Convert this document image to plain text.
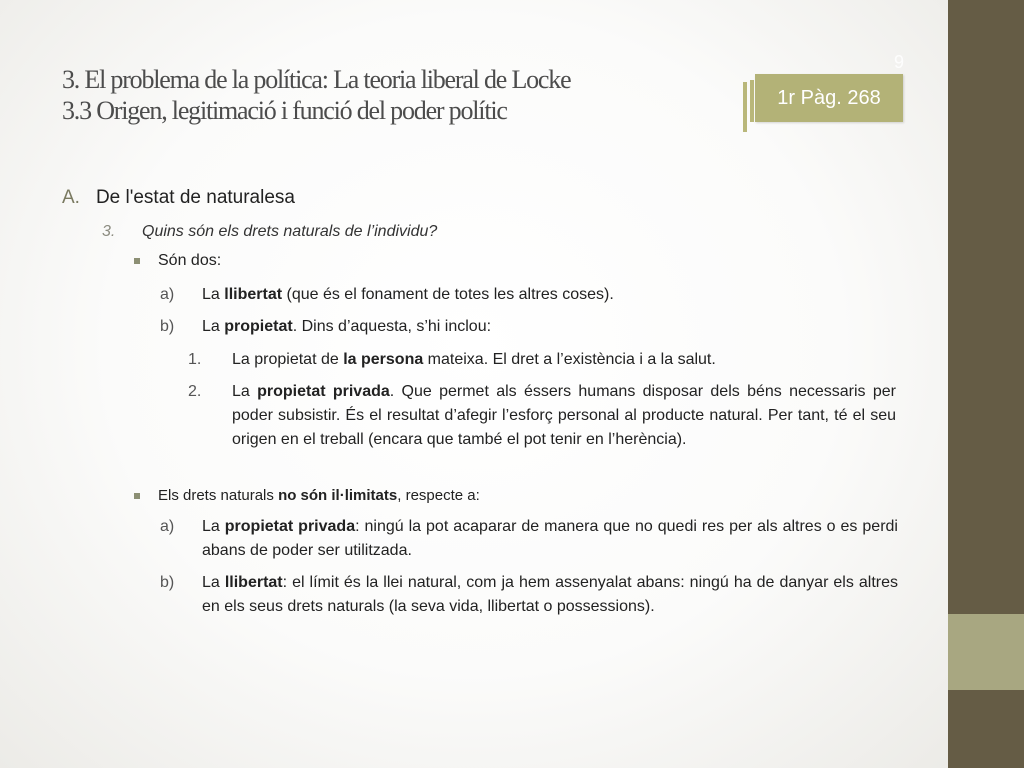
3. El problema de la política: La teoria liberal de Locke
3.3 Origen, legitimació i funció del poder polític	1r Pàg. 268
9
A. De l'estat de naturalesa
3. Quins són els drets naturals de l’individu?
Són dos:
a) La llibertat (que és el fonament de totes les altres coses).
b) La propietat. Dins d’aquesta, s’hi inclou:
1. La propietat de la persona mateixa. El dret a l’existència i a la salut.
2. La propietat privada. Que permet als éssers humans disposar dels béns necessaris per poder subsistir. És el resultat d’afegir l’esforç personal al producte natural. Per tant, té el seu origen en el treball (encara que també el pot tenir en l’herència).
Els drets naturals no són il·limitats, respecte a:
a) La propietat privada: ningú la pot acaparar de manera que no quedi res per als altres o es perdi abans de poder ser utilitzada.
b) La llibertat: el límit és la llei natural, com ja hem assenyalat abans: ningú ha de danyar els altres en els seus drets naturals (la seva vida, llibertat o possessions).
